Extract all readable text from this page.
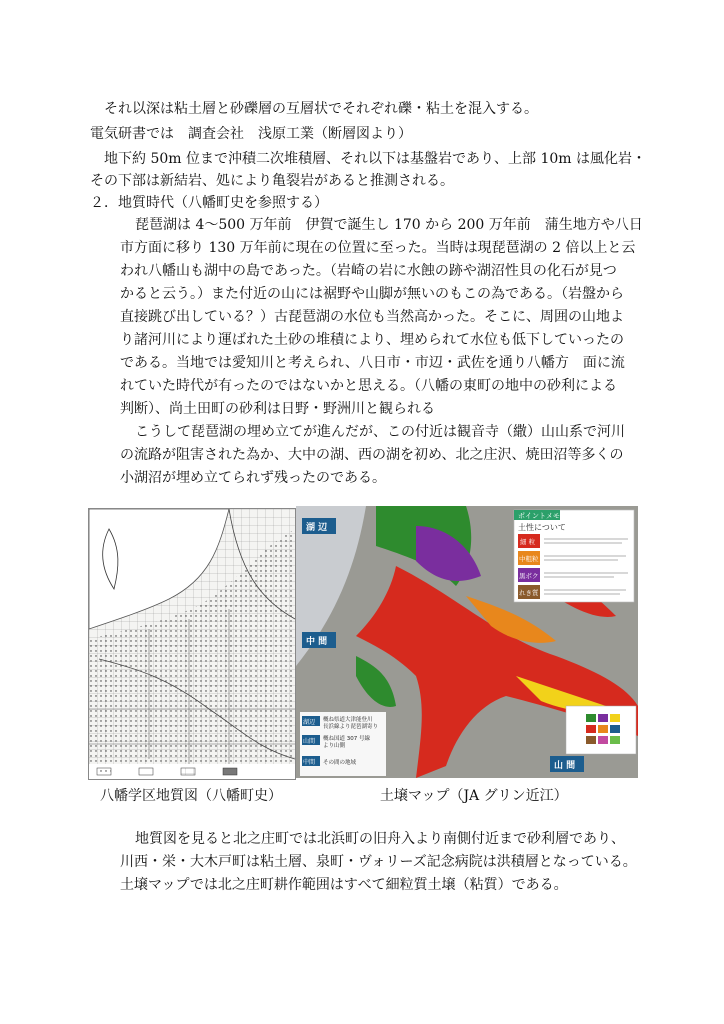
それ以深は粘土層と砂礫層の互層状でそれぞれ礫・粘土を混入する。
電気研書では　調査会社　浅原工業（断層図より）
地下約 50m 位まで沖積二次堆積層、それ以下は基盤岩であり、上部 10m は風化岩・
その下部は新結岩、処により亀裂岩があると推測される。
２．地質時代（八幡町史を参照する）
琵琶湖は 4～500 万年前　伊賀で誕生し 170 から 200 万年前　蒲生地方や八日
市方面に移り 130 万年前に現在の位置に至った。当時は現琵琶湖の 2 倍以上と云
われ八幡山も湖中の島であった。（岩崎の岩に水蝕の跡や湖沼性貝の化石が見つ
かると云う。）また付近の山には裾野や山脚が無いのもこの為である。（岩盤から
直接跳び出している？）古琵琶湖の水位も当然高かった。そこに、周囲の山地よ
り諸河川により運ばれた土砂の堆積により、埋められて水位も低下していったの
である。当地では愛知川と考えられ、八日市・市辺・武佐を通り八幡方　面に流
れていた時代が有ったのではないかと思える。（八幡の東町の地中の砂利による
判断）、尚土田町の砂利は日野・野洲川と観られる
こうして琵琶湖の埋め立てが進んだが、この付近は観音寺（繖）山山系で河川
の流路が阻害された為か、大中の湖、西の湖を初め、北之庄沢、焼田沼等多くの
小湖沼が埋め立てられず残ったのである。
ポイントメモ
土性について
細 粒
中粗粒
黒ボク
れき質
湖 辺
中 間
山 間
湖辺 概ね県道大津能登川
長浜線より琵琶湖寄り
山間 概ね国道 307 号線
より山側
中間 その間の地域
八幡学区地質図（八幡町史）	土壌マップ（JA グリン近江）
地質図を見ると北之庄町では北浜町の旧舟入より南側付近まで砂利層であり、
川西・栄・大木戸町は粘土層、泉町・ヴォリーズ記念病院は洪積層となっている。
土壌マップでは北之庄町耕作範囲はすべて細粒質土壌（粘質）である。
